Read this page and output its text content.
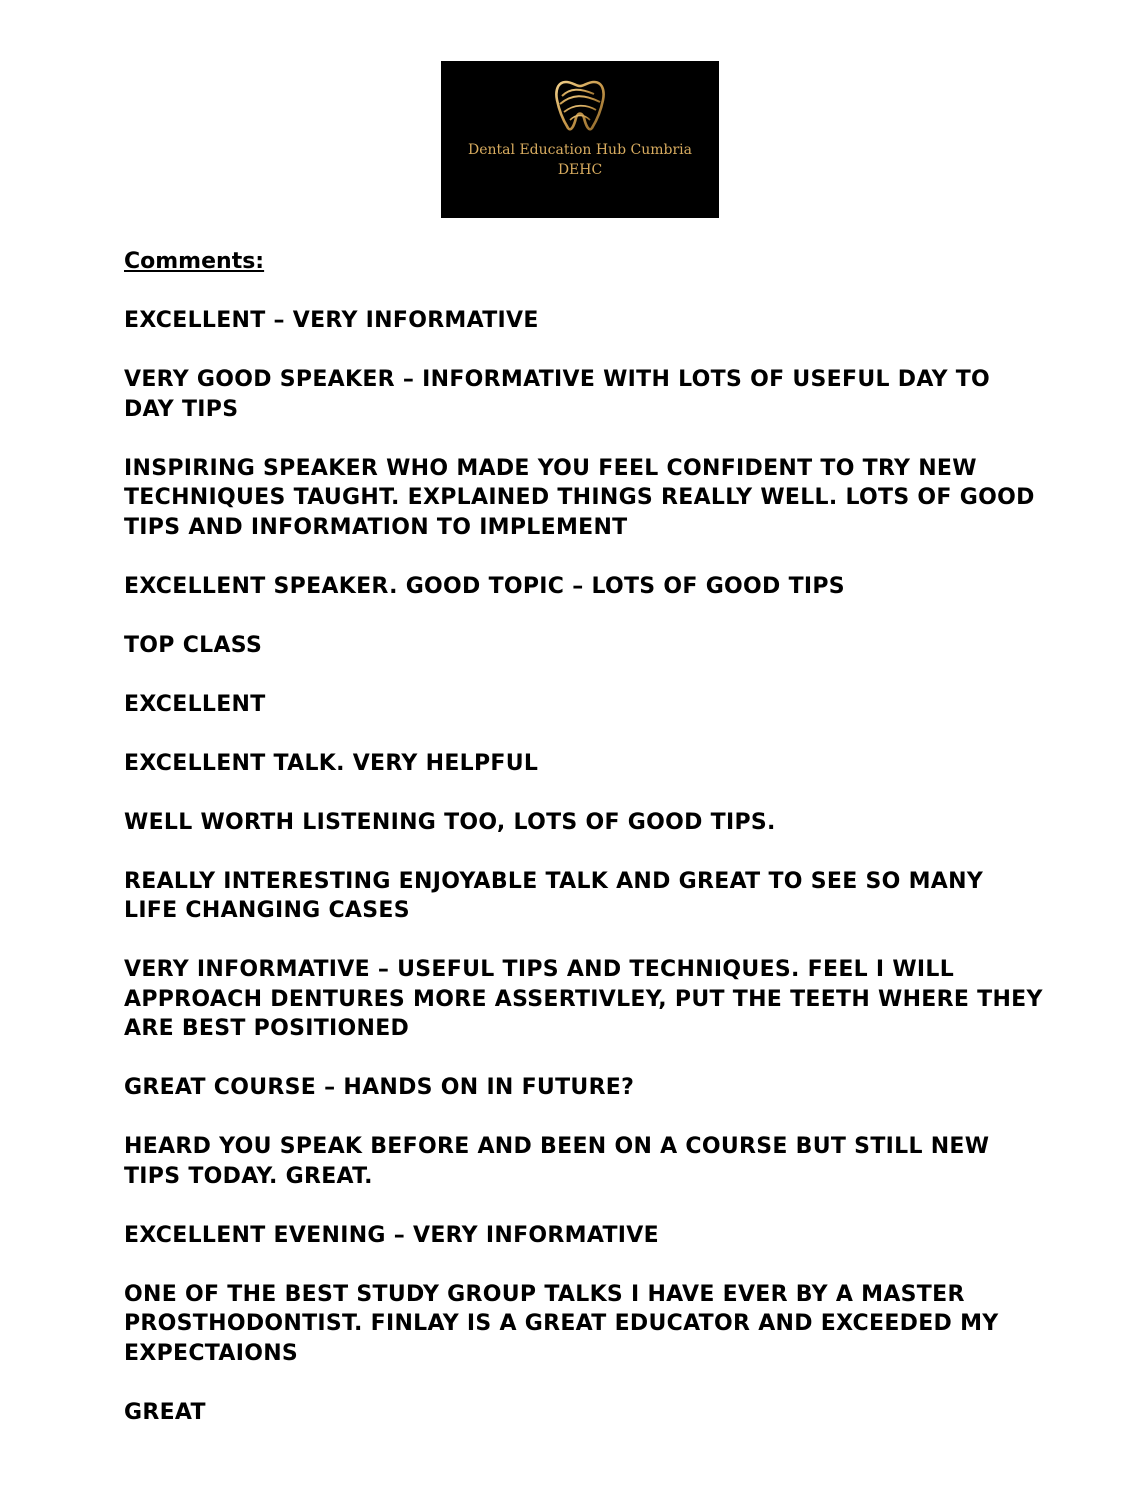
Dental Education Hub Cumbria
DEHC
Comments:
EXCELLENT – VERY INFORMATIVE
VERY GOOD SPEAKER – INFORMATIVE WITH LOTS OF USEFUL DAY TO DAY TIPS
INSPIRING SPEAKER WHO MADE YOU FEEL CONFIDENT TO TRY NEW TECHNIQUES TAUGHT. EXPLAINED THINGS REALLY WELL. LOTS OF GOOD TIPS AND INFORMATION TO IMPLEMENT
EXCELLENT SPEAKER. GOOD TOPIC – LOTS OF GOOD TIPS
TOP CLASS
EXCELLENT
EXCELLENT TALK. VERY HELPFUL
WELL WORTH LISTENING TOO, LOTS OF GOOD TIPS.
REALLY INTERESTING ENJOYABLE TALK AND GREAT TO SEE SO MANY LIFE CHANGING CASES
VERY INFORMATIVE – USEFUL TIPS AND TECHNIQUES. FEEL I WILL APPROACH DENTURES MORE ASSERTIVLEY, PUT THE TEETH WHERE THEY ARE BEST POSITIONED
GREAT COURSE – HANDS ON IN FUTURE?
HEARD YOU SPEAK BEFORE AND BEEN ON A COURSE BUT STILL NEW TIPS TODAY. GREAT.
EXCELLENT EVENING – VERY INFORMATIVE
ONE OF THE BEST STUDY GROUP TALKS I HAVE EVER BY A MASTER PROSTHODONTIST. FINLAY IS A GREAT EDUCATOR AND EXCEEDED MY EXPECTAIONS
GREAT
